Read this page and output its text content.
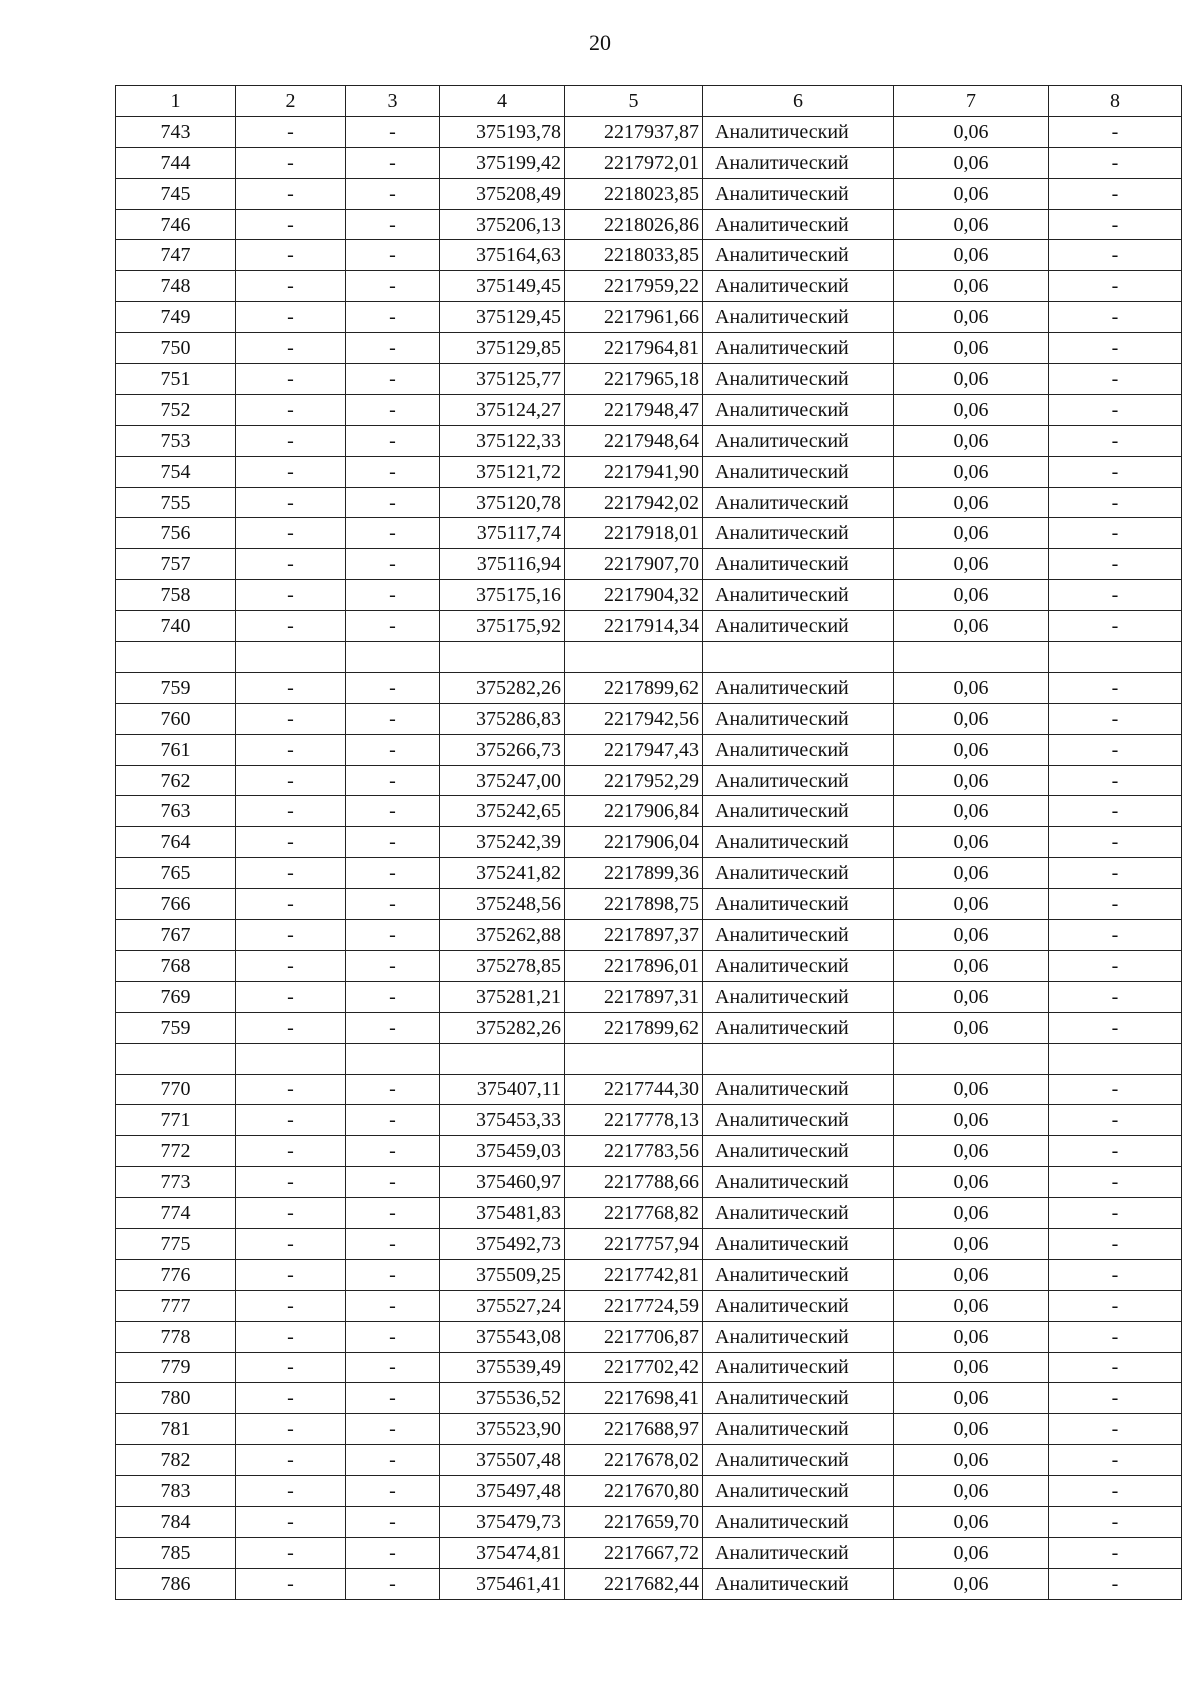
20
1	2	3	4	5	6	7	8
743	-	-	375193,78	2217937,87	Аналитический	0,06	-
744	-	-	375199,42	2217972,01	Аналитический	0,06	-
745	-	-	375208,49	2218023,85	Аналитический	0,06	-
746	-	-	375206,13	2218026,86	Аналитический	0,06	-
747	-	-	375164,63	2218033,85	Аналитический	0,06	-
748	-	-	375149,45	2217959,22	Аналитический	0,06	-
749	-	-	375129,45	2217961,66	Аналитический	0,06	-
750	-	-	375129,85	2217964,81	Аналитический	0,06	-
751	-	-	375125,77	2217965,18	Аналитический	0,06	-
752	-	-	375124,27	2217948,47	Аналитический	0,06	-
753	-	-	375122,33	2217948,64	Аналитический	0,06	-
754	-	-	375121,72	2217941,90	Аналитический	0,06	-
755	-	-	375120,78	2217942,02	Аналитический	0,06	-
756	-	-	375117,74	2217918,01	Аналитический	0,06	-
757	-	-	375116,94	2217907,70	Аналитический	0,06	-
758	-	-	375175,16	2217904,32	Аналитический	0,06	-
740	-	-	375175,92	2217914,34	Аналитический	0,06	-

759	-	-	375282,26	2217899,62	Аналитический	0,06	-
760	-	-	375286,83	2217942,56	Аналитический	0,06	-
761	-	-	375266,73	2217947,43	Аналитический	0,06	-
762	-	-	375247,00	2217952,29	Аналитический	0,06	-
763	-	-	375242,65	2217906,84	Аналитический	0,06	-
764	-	-	375242,39	2217906,04	Аналитический	0,06	-
765	-	-	375241,82	2217899,36	Аналитический	0,06	-
766	-	-	375248,56	2217898,75	Аналитический	0,06	-
767	-	-	375262,88	2217897,37	Аналитический	0,06	-
768	-	-	375278,85	2217896,01	Аналитический	0,06	-
769	-	-	375281,21	2217897,31	Аналитический	0,06	-
759	-	-	375282,26	2217899,62	Аналитический	0,06	-

770	-	-	375407,11	2217744,30	Аналитический	0,06	-
771	-	-	375453,33	2217778,13	Аналитический	0,06	-
772	-	-	375459,03	2217783,56	Аналитический	0,06	-
773	-	-	375460,97	2217788,66	Аналитический	0,06	-
774	-	-	375481,83	2217768,82	Аналитический	0,06	-
775	-	-	375492,73	2217757,94	Аналитический	0,06	-
776	-	-	375509,25	2217742,81	Аналитический	0,06	-
777	-	-	375527,24	2217724,59	Аналитический	0,06	-
778	-	-	375543,08	2217706,87	Аналитический	0,06	-
779	-	-	375539,49	2217702,42	Аналитический	0,06	-
780	-	-	375536,52	2217698,41	Аналитический	0,06	-
781	-	-	375523,90	2217688,97	Аналитический	0,06	-
782	-	-	375507,48	2217678,02	Аналитический	0,06	-
783	-	-	375497,48	2217670,80	Аналитический	0,06	-
784	-	-	375479,73	2217659,70	Аналитический	0,06	-
785	-	-	375474,81	2217667,72	Аналитический	0,06	-
786	-	-	375461,41	2217682,44	Аналитический	0,06	-
